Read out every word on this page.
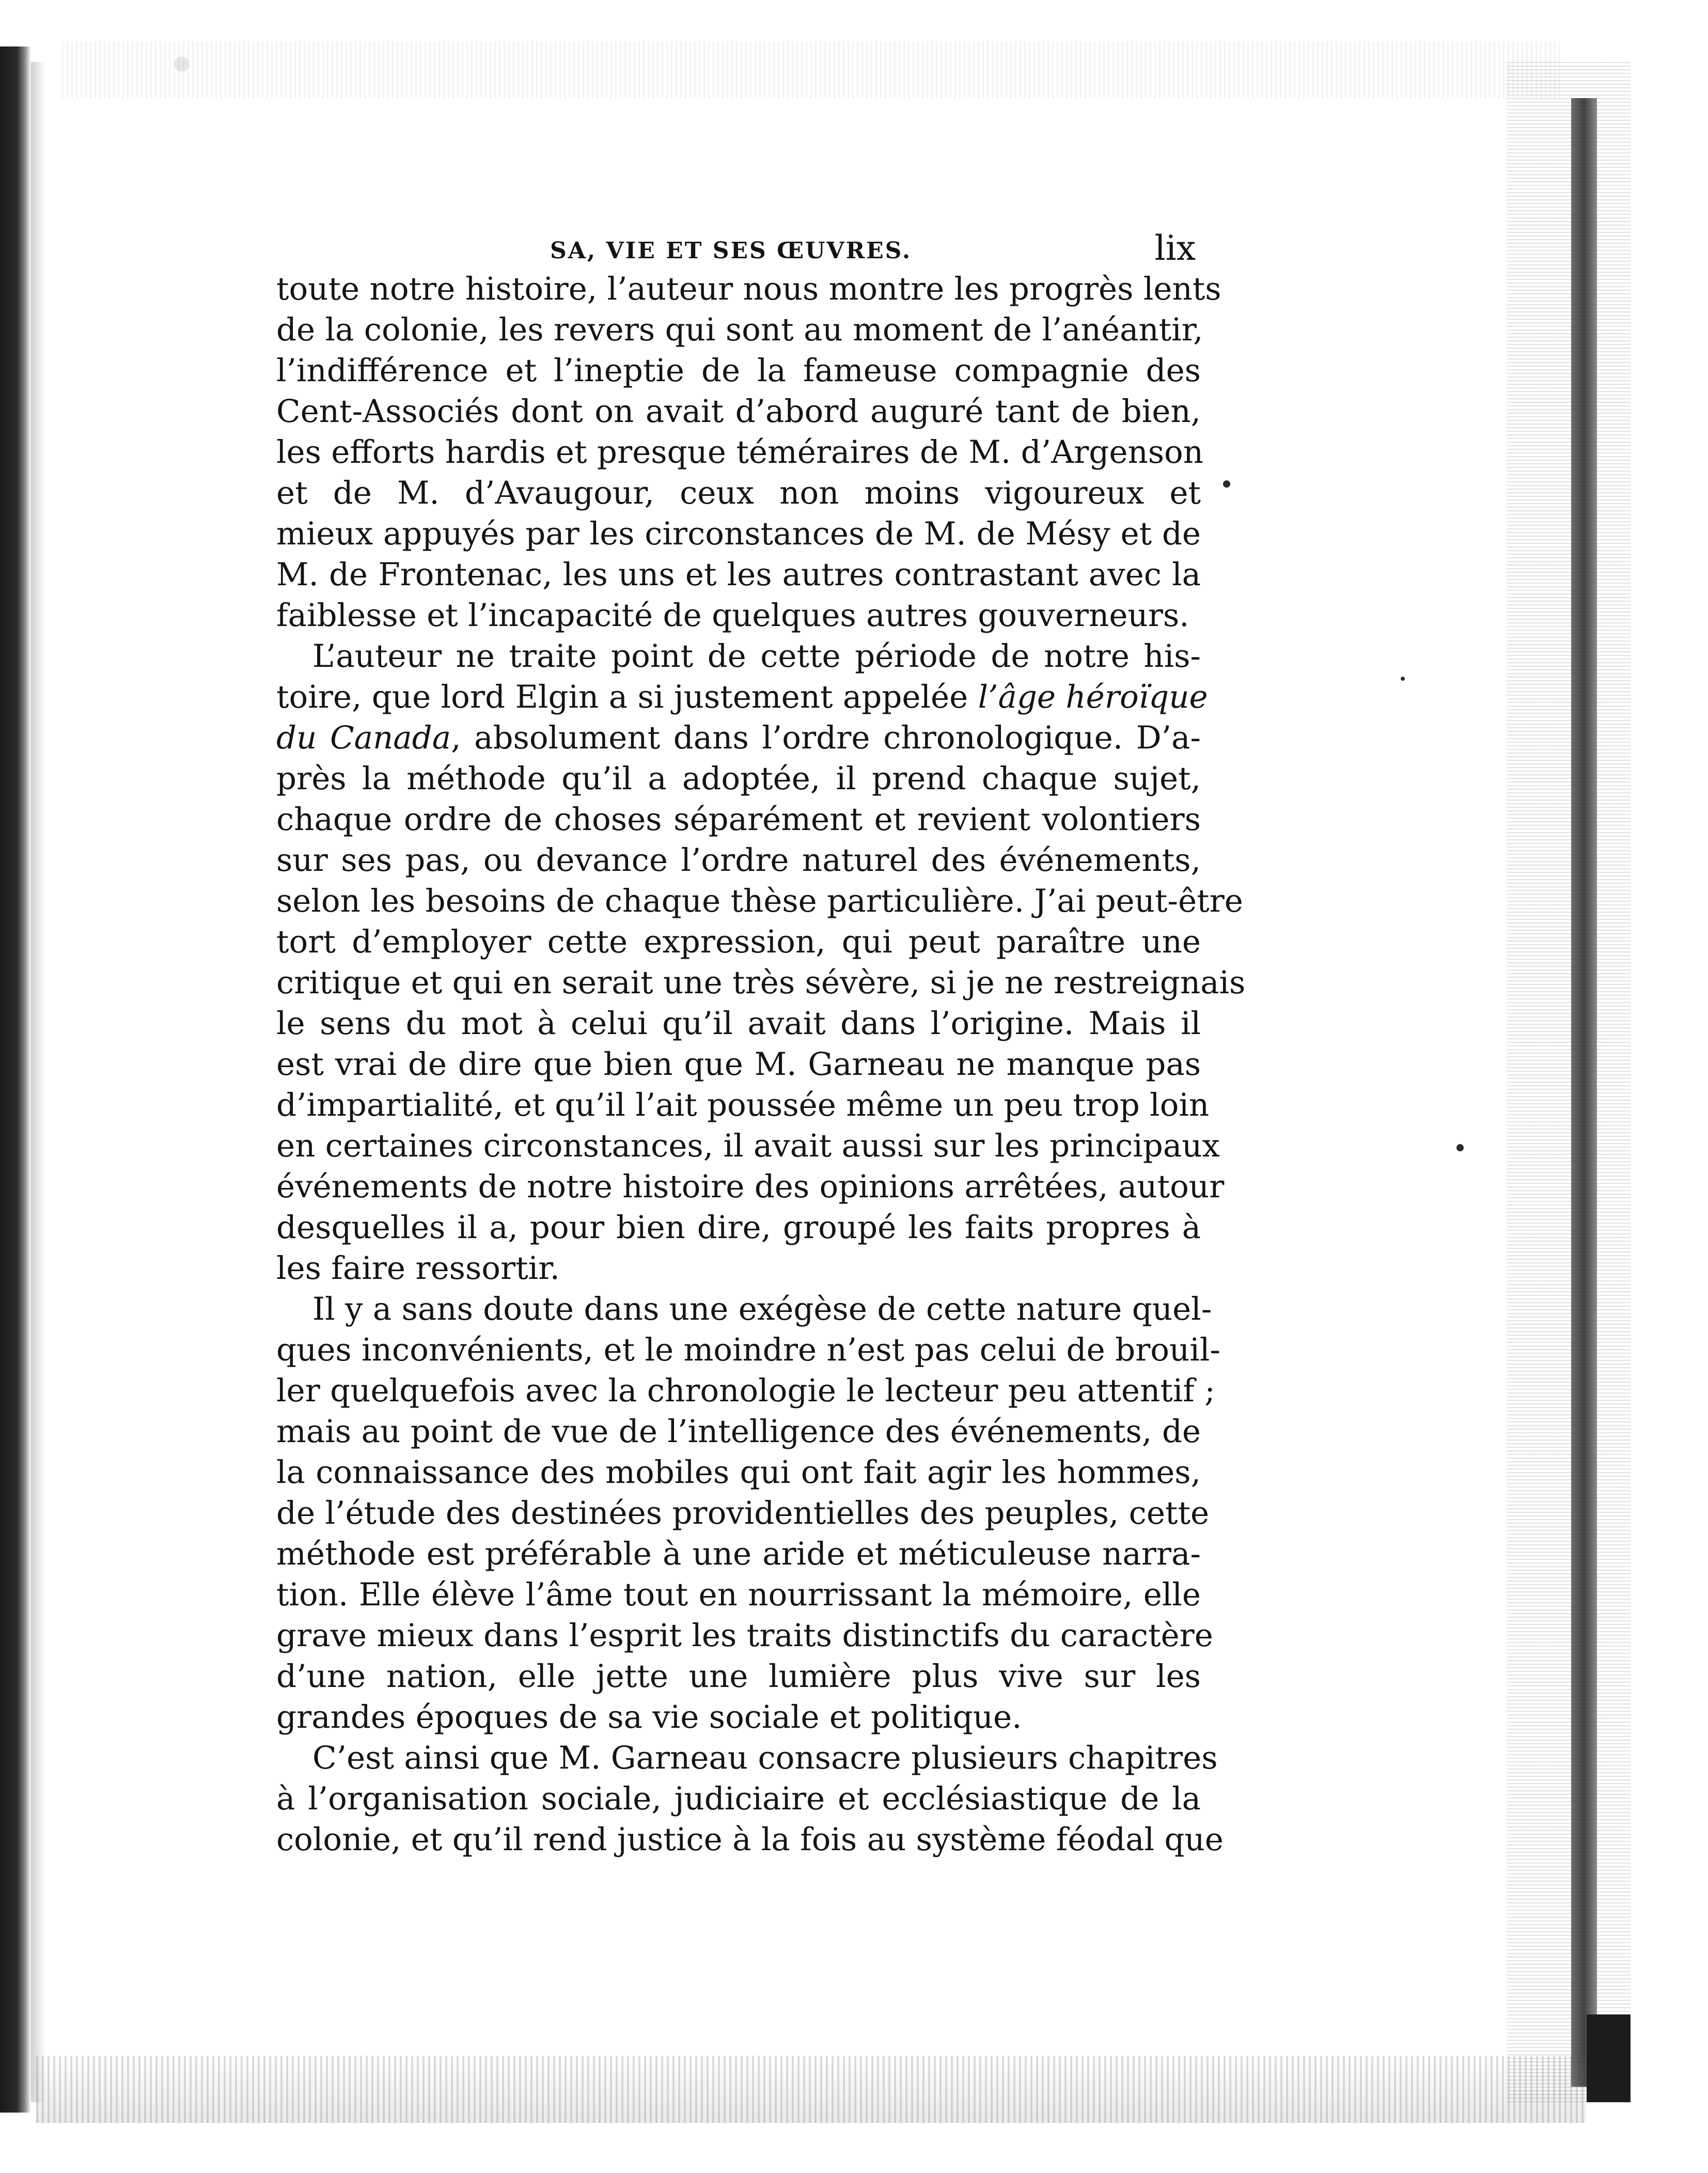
SA, VIE ET SES ŒUVRES.	lix
toute notre histoire, l’auteur nous montre les progrès lents
de la colonie, les revers qui sont au moment de l’anéantir,
l’indifférence et l’ineptie de la fameuse compagnie des
Cent-Associés dont on avait d’abord auguré tant de bien,
les efforts hardis et presque téméraires de M. d’Argenson
et de M. d’Avaugour, ceux non moins vigoureux et
mieux appuyés par les circonstances de M. de Mésy et de
M. de Frontenac, les uns et les autres contrastant avec la
faiblesse et l’incapacité de quelques autres gouverneurs.
L’auteur ne traite point de cette période de notre his-
toire, que lord Elgin a si justement appelée l’âge héroïque
du Canada, absolument dans l’ordre chronologique. D’a-
près la méthode qu’il a adoptée, il prend chaque sujet,
chaque ordre de choses séparément et revient volontiers
sur ses pas, ou devance l’ordre naturel des événements,
selon les besoins de chaque thèse particulière. J’ai peut-être
tort d’employer cette expression, qui peut paraître une
critique et qui en serait une très sévère, si je ne restreignais
le sens du mot à celui qu’il avait dans l’origine. Mais il
est vrai de dire que bien que M. Garneau ne manque pas
d’impartialité, et qu’il l’ait poussée même un peu trop loin
en certaines circonstances, il avait aussi sur les principaux
événements de notre histoire des opinions arrêtées, autour
desquelles il a, pour bien dire, groupé les faits propres à
les faire ressortir.
Il y a sans doute dans une exégèse de cette nature quel-
ques inconvénients, et le moindre n’est pas celui de brouil-
ler quelquefois avec la chronologie le lecteur peu attentif ;
mais au point de vue de l’intelligence des événements, de
la connaissance des mobiles qui ont fait agir les hommes,
de l’étude des destinées providentielles des peuples, cette
méthode est préférable à une aride et méticuleuse narra-
tion. Elle élève l’âme tout en nourrissant la mémoire, elle
grave mieux dans l’esprit les traits distinctifs du caractère
d’une nation, elle jette une lumière plus vive sur les
grandes époques de sa vie sociale et politique.
C’est ainsi que M. Garneau consacre plusieurs chapitres
à l’organisation sociale, judiciaire et ecclésiastique de la
colonie, et qu’il rend justice à la fois au système féodal que
